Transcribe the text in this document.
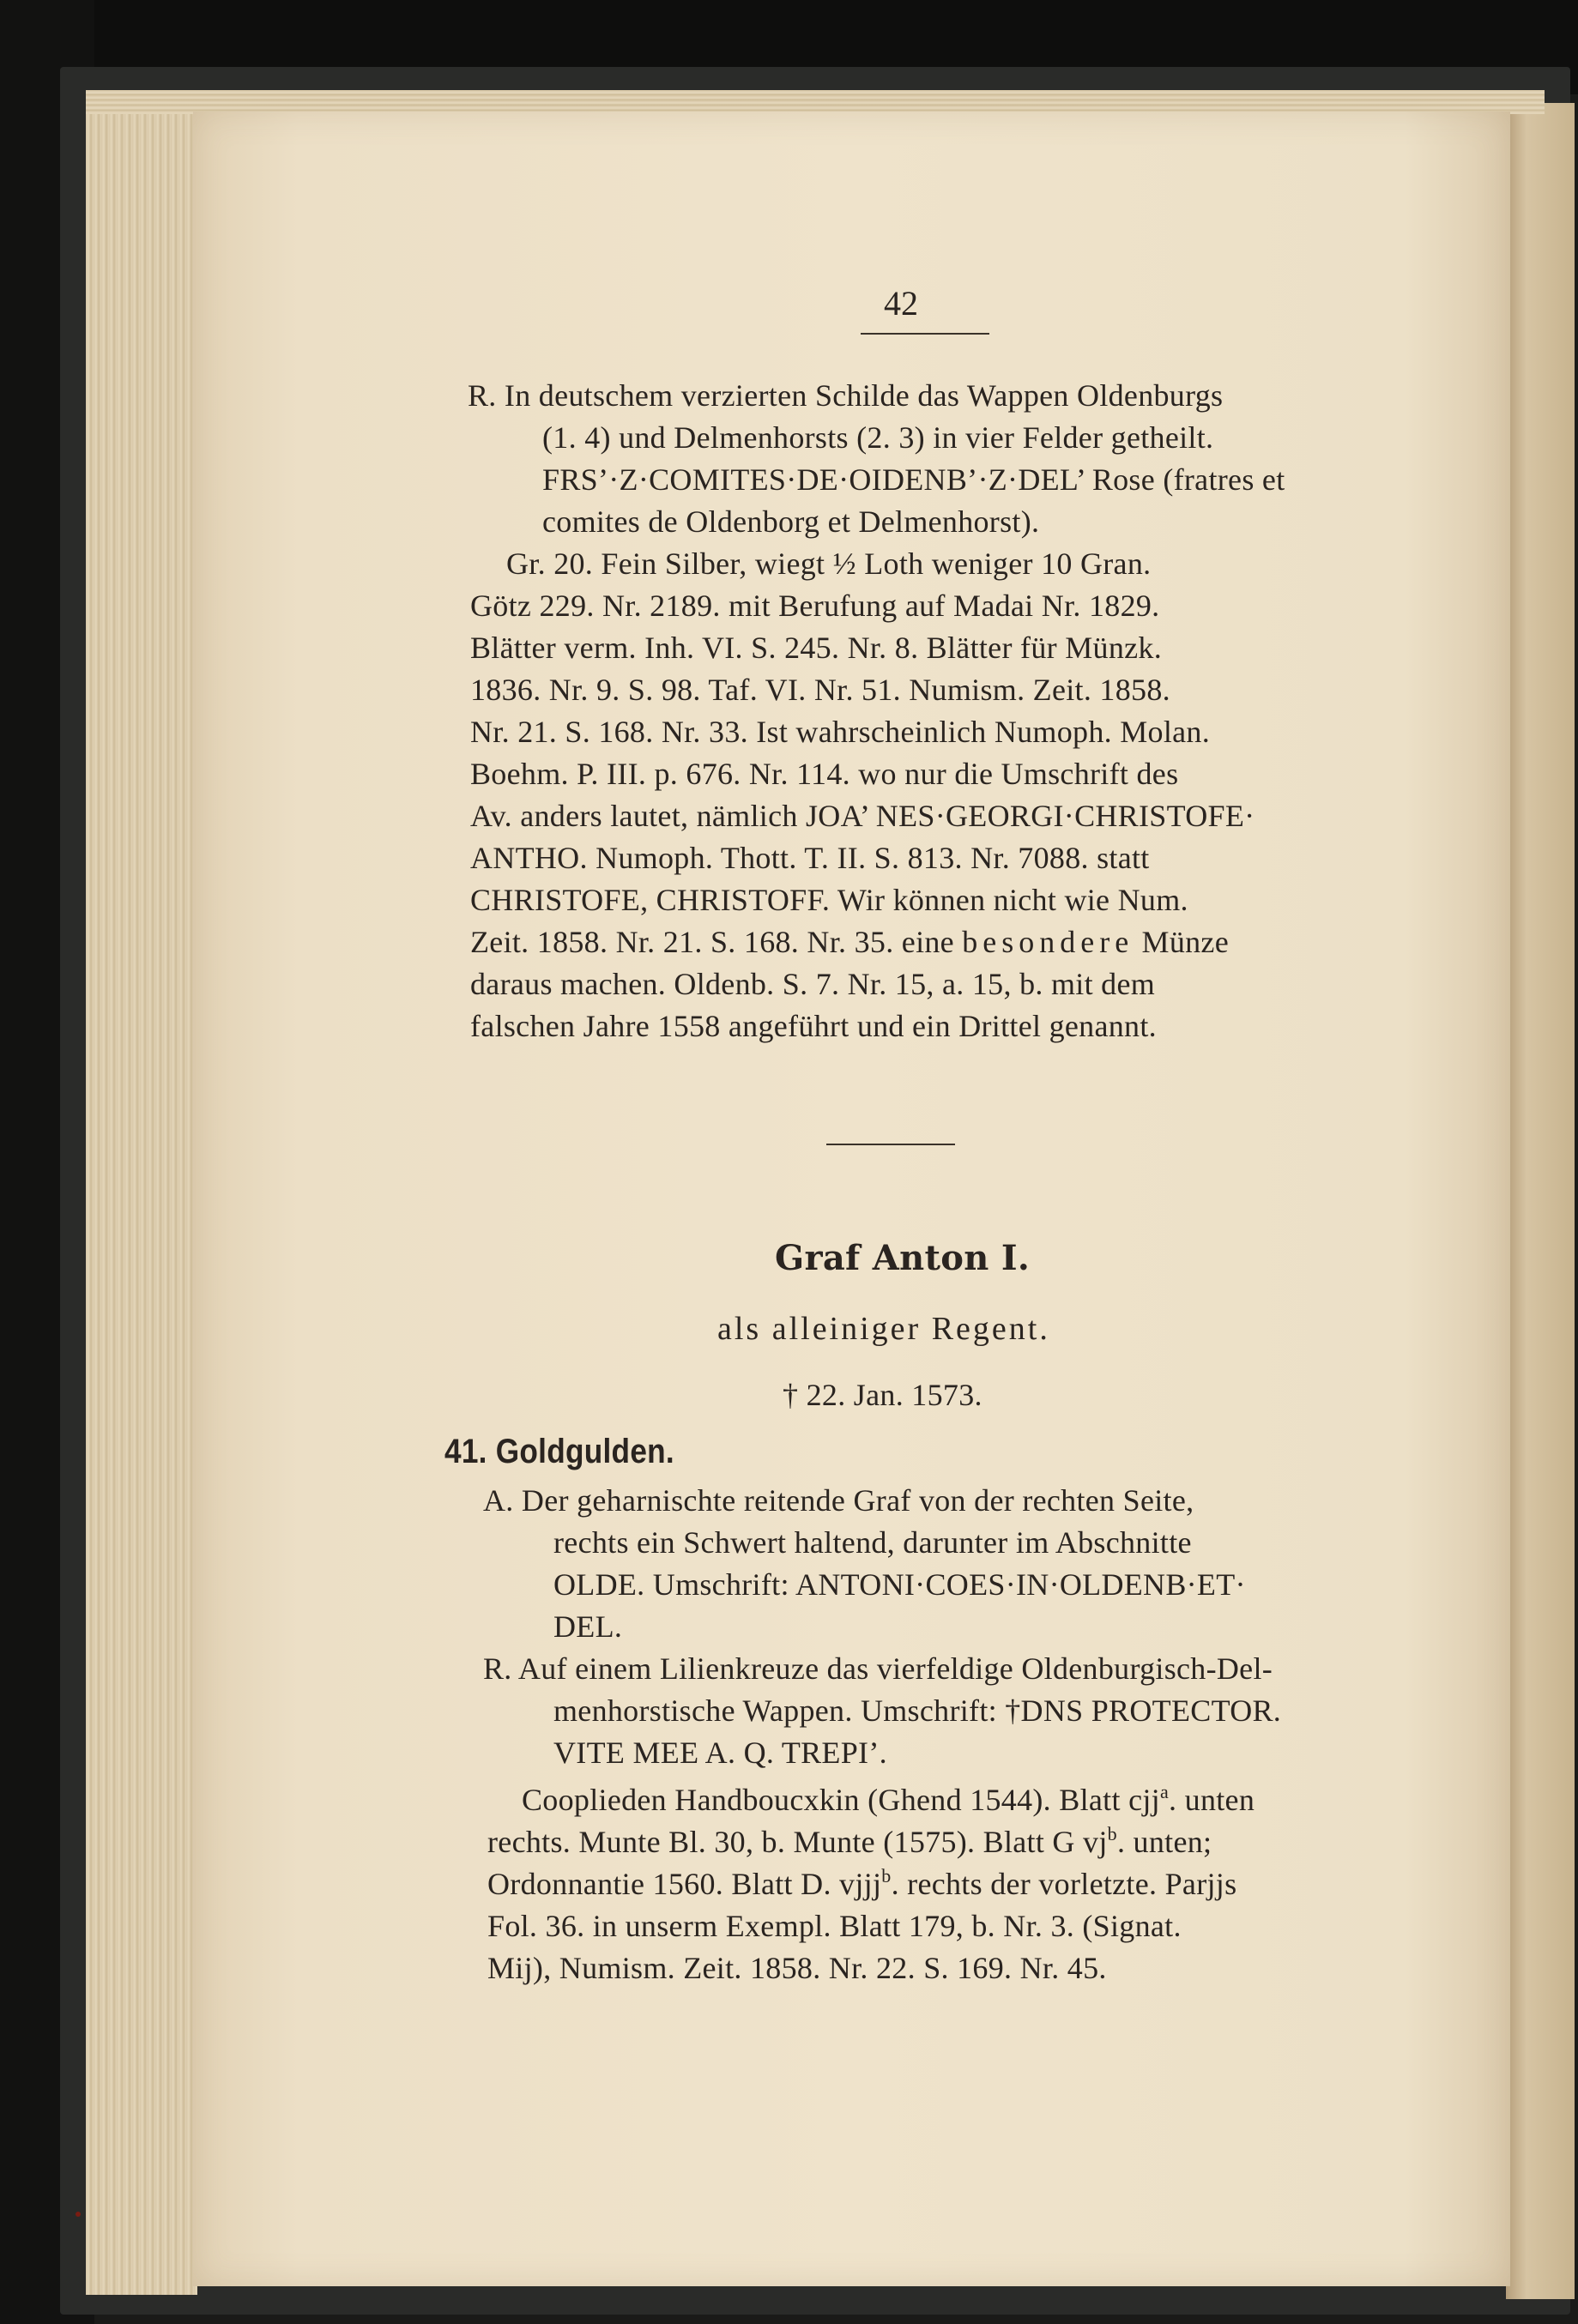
42
R. In deutschem verzierten Schilde das Wappen Oldenburgs
(1. 4) und Delmenhorsts (2. 3) in vier Felder getheilt.
FRS’·Z·COMITES·DE·OIDENB’·Z·DEL’ Rose (fratres et
comites de Oldenborg et Delmenhorst).
Gr. 20. Fein Silber, wiegt ½ Loth weniger 10 Gran.
Götz 229. Nr. 2189. mit Berufung auf Madai Nr. 1829.
Blätter verm. Inh. VI. S. 245. Nr. 8. Blätter für Münzk.
1836. Nr. 9. S. 98. Taf. VI. Nr. 51. Numism. Zeit. 1858.
Nr. 21. S. 168. Nr. 33. Ist wahrscheinlich Numoph. Molan.
Boehm. P. III. p. 676. Nr. 114. wo nur die Umschrift des
Av. anders lautet, nämlich JOA’ NES·GEORGI·CHRISTOFE·
ANTHO. Numoph. Thott. T. II. S. 813. Nr. 7088. statt
CHRISTOFE, CHRISTOFF. Wir können nicht wie Num.
Zeit. 1858. Nr. 21. S. 168. Nr. 35. eine besondere Münze
daraus machen. Oldenb. S. 7. Nr. 15, a. 15, b. mit dem
falschen Jahre 1558 angeführt und ein Drittel genannt.
Graf Anton I.
als alleiniger Regent.
† 22. Jan. 1573.
41. Goldgulden.
A. Der geharnischte reitende Graf von der rechten Seite,
rechts ein Schwert haltend, darunter im Abschnitte
OLDE. Umschrift: ANTONI·COES·IN·OLDENB·ET·
DEL.
R. Auf einem Lilienkreuze das vierfeldige Oldenburgisch-Del-
menhorstische Wappen. Umschrift: †DNS PROTECTOR.
VITE MEE A. Q. TREPI’.
Cooplieden Handboucxkin (Ghend 1544). Blatt cjj$^a$. unten
rechts. Munte Bl. 30, b. Munte (1575). Blatt G $vj^b$. unten;
Ordonnantie 1560. Blatt D. vjjj$^b$. rechts der vorletzte. Parjjs
Fol. 36. in unserm Exempl. Blatt 179, b. Nr. 3. (Signat.
Mij), Numism. Zeit. 1858. Nr. 22. S. 169. Nr. 45.
